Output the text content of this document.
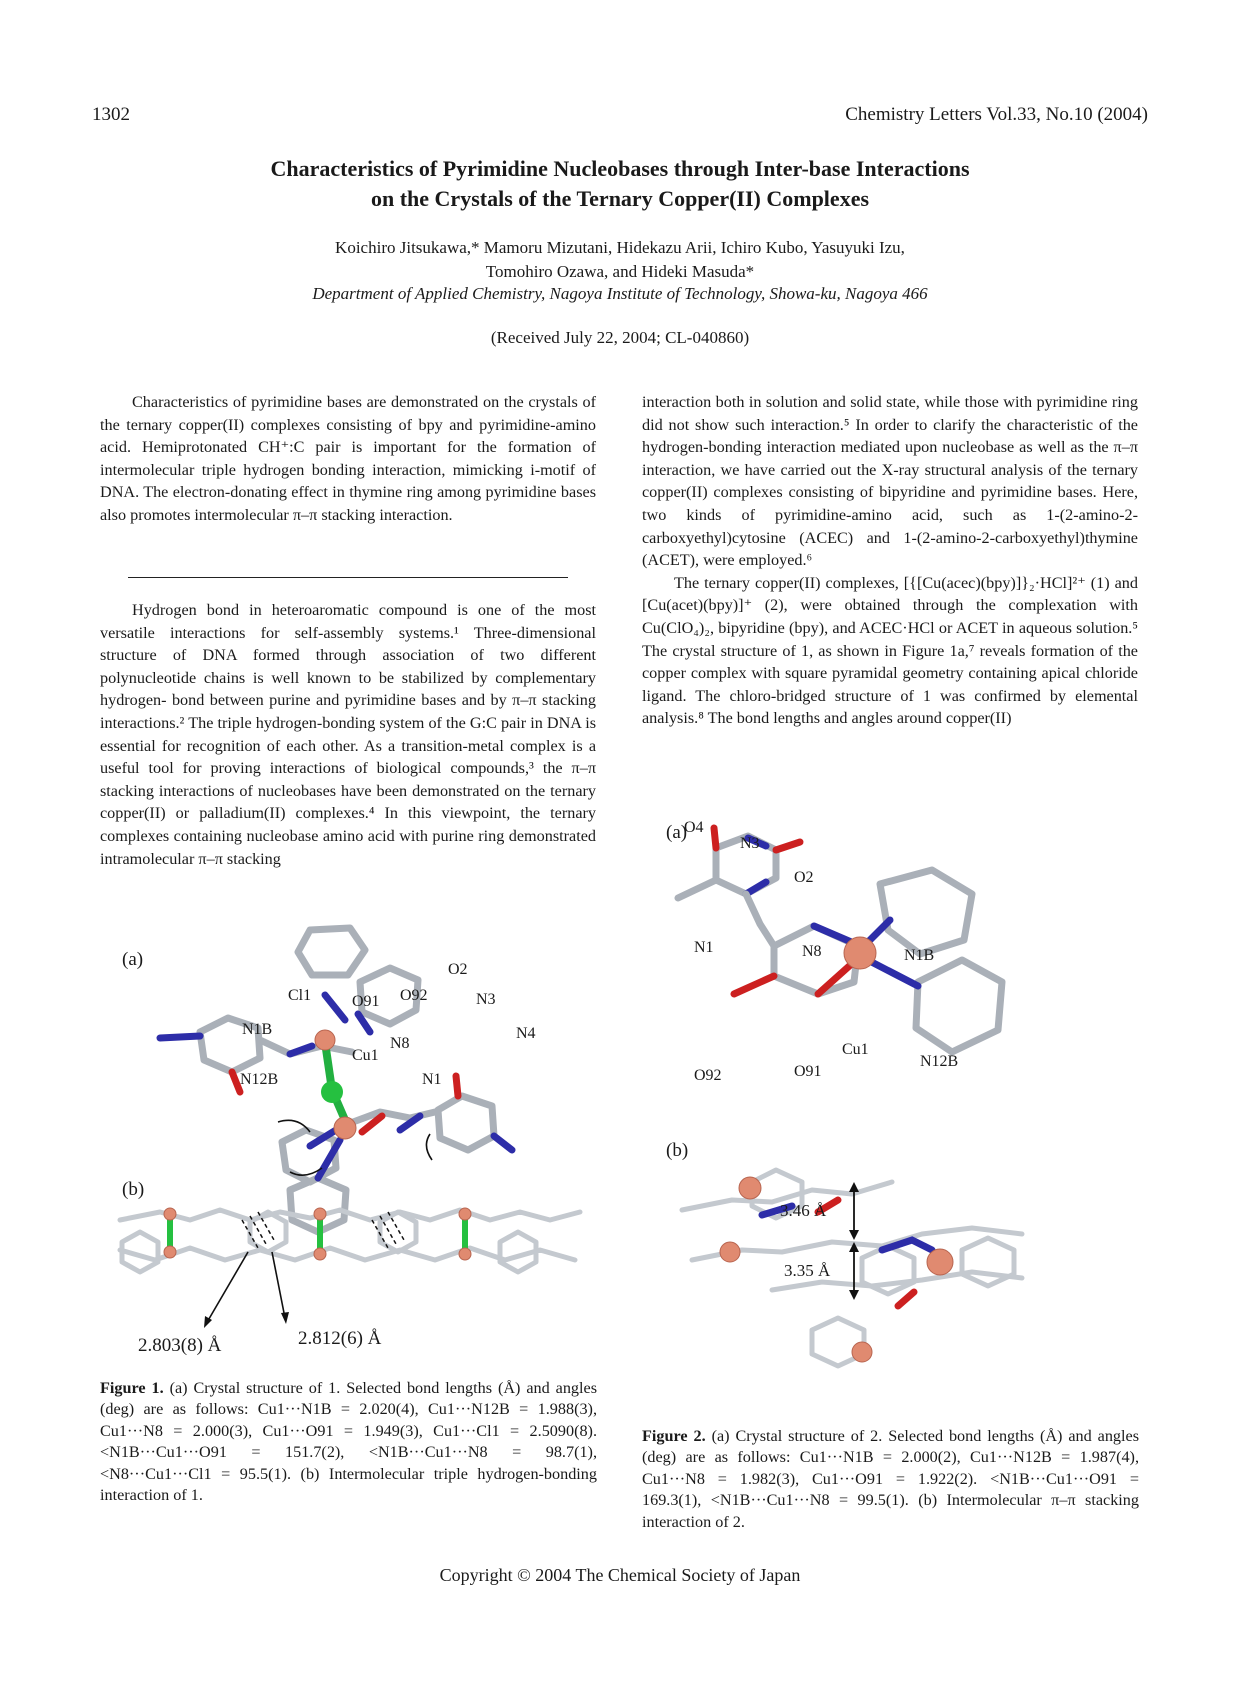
1302	Chemistry Letters Vol.33, No.10 (2004)
Characteristics of Pyrimidine Nucleobases through Inter-base Interactions
on the Crystals of the Ternary Copper(II) Complexes
Koichiro Jitsukawa,* Mamoru Mizutani, Hidekazu Arii, Ichiro Kubo, Yasuyuki Izu,
Tomohiro Ozawa, and Hideki Masuda*
Department of Applied Chemistry, Nagoya Institute of Technology, Showa-ku, Nagoya 466
(Received July 22, 2004; CL-040860)

Characteristics of pyrimidine bases are demonstrated on the crystals of the ternary copper(II) complexes consisting of bpy and pyrimidine-amino acid. Hemiprotonated CH⁺:C pair is important for the formation of intermolecular triple hydrogen bonding interaction, mimicking i-motif of DNA. The electron-donating effect in thymine ring among pyrimidine bases also promotes intermolecular π–π stacking interaction.

Hydrogen bond in heteroaromatic compound is one of the most versatile interactions for self-assembly systems.¹ Three-dimensional structure of DNA formed through association of two different polynucleotide chains is well known to be stabilized by complementary hydrogen- bond between purine and pyrimidine bases and by π–π stacking interactions.² The triple hydrogen-bonding system of the G:C pair in DNA is essential for recognition of each other. As a transition-metal complex is a useful tool for proving interactions of biological compounds,³ the π–π stacking interactions of nucleobases have been demonstrated on the ternary copper(II) or palladium(II) complexes.⁴ In this viewpoint, the ternary complexes containing nucleobase amino acid with purine ring demonstrated intramolecular π–π stacking

interaction both in solution and solid state, while those with pyrimidine ring did not show such interaction.⁵ In order to clarify the characteristic of the hydrogen-bonding interaction mediated upon nucleobase as well as the π–π interaction, we have carried out the X-ray structural analysis of the ternary copper(II) complexes consisting of bipyridine and pyrimidine bases. Here, two kinds of pyrimidine-amino acid, such as 1-(2-amino-2-carboxyethyl)cytosine (ACEC) and 1-(2-amino-2-carboxyethyl)thymine (ACET), were employed.⁶

The ternary copper(II) complexes, [{[Cu(acec)(bpy)]}₂·HCl]²⁺ (1) and [Cu(acet)(bpy)]⁺ (2), were obtained through the complexation with Cu(ClO₄)₂, bipyridine (bpy), and ACEC·HCl or ACET in aqueous solution.⁵ The crystal structure of 1, as shown in Figure 1a,⁷ reveals formation of the copper complex with square pyramidal geometry containing apical chloride ligand. The chloro-bridged structure of 1 was confirmed by elemental analysis.⁸ The bond lengths and angles around copper(II)

(a)
Cl1	O91 O92
O2
N3
N4
N1B
N8
Cu1
N12B	N1
(b)
2.803(8) Å	2.812(6) Å
Figure 1. (a) Crystal structure of 1. Selected bond lengths (Å) and angles (deg) are as follows: Cu1···N1B = 2.020(4), Cu1···N12B = 1.988(3), Cu1···N8 = 2.000(3), Cu1···O91 = 1.949(3), Cu1···Cl1 = 2.5090(8). <N1B···Cu1···O91 = 151.7(2), <N1B···Cu1···N8 = 98.7(1), <N8···Cu1···Cl1 = 95.5(1). (b) Intermolecular triple hydrogen-bonding interaction of 1.
(a)
O4
N3
O2
N1	N8	N1B
Cu1
N12B
O92	O91
(b)
3.46 Å
3.35 Å
Figure 2. (a) Crystal structure of 2. Selected bond lengths (Å) and angles (deg) are as follows: Cu1···N1B = 2.000(2), Cu1···N12B = 1.987(4), Cu1···N8 = 1.982(3), Cu1···O91 = 1.922(2). <N1B···Cu1···O91 = 169.3(1), <N1B···Cu1···N8 = 99.5(1). (b) Intermolecular π–π stacking interaction of 2.
Copyright © 2004 The Chemical Society of Japan
